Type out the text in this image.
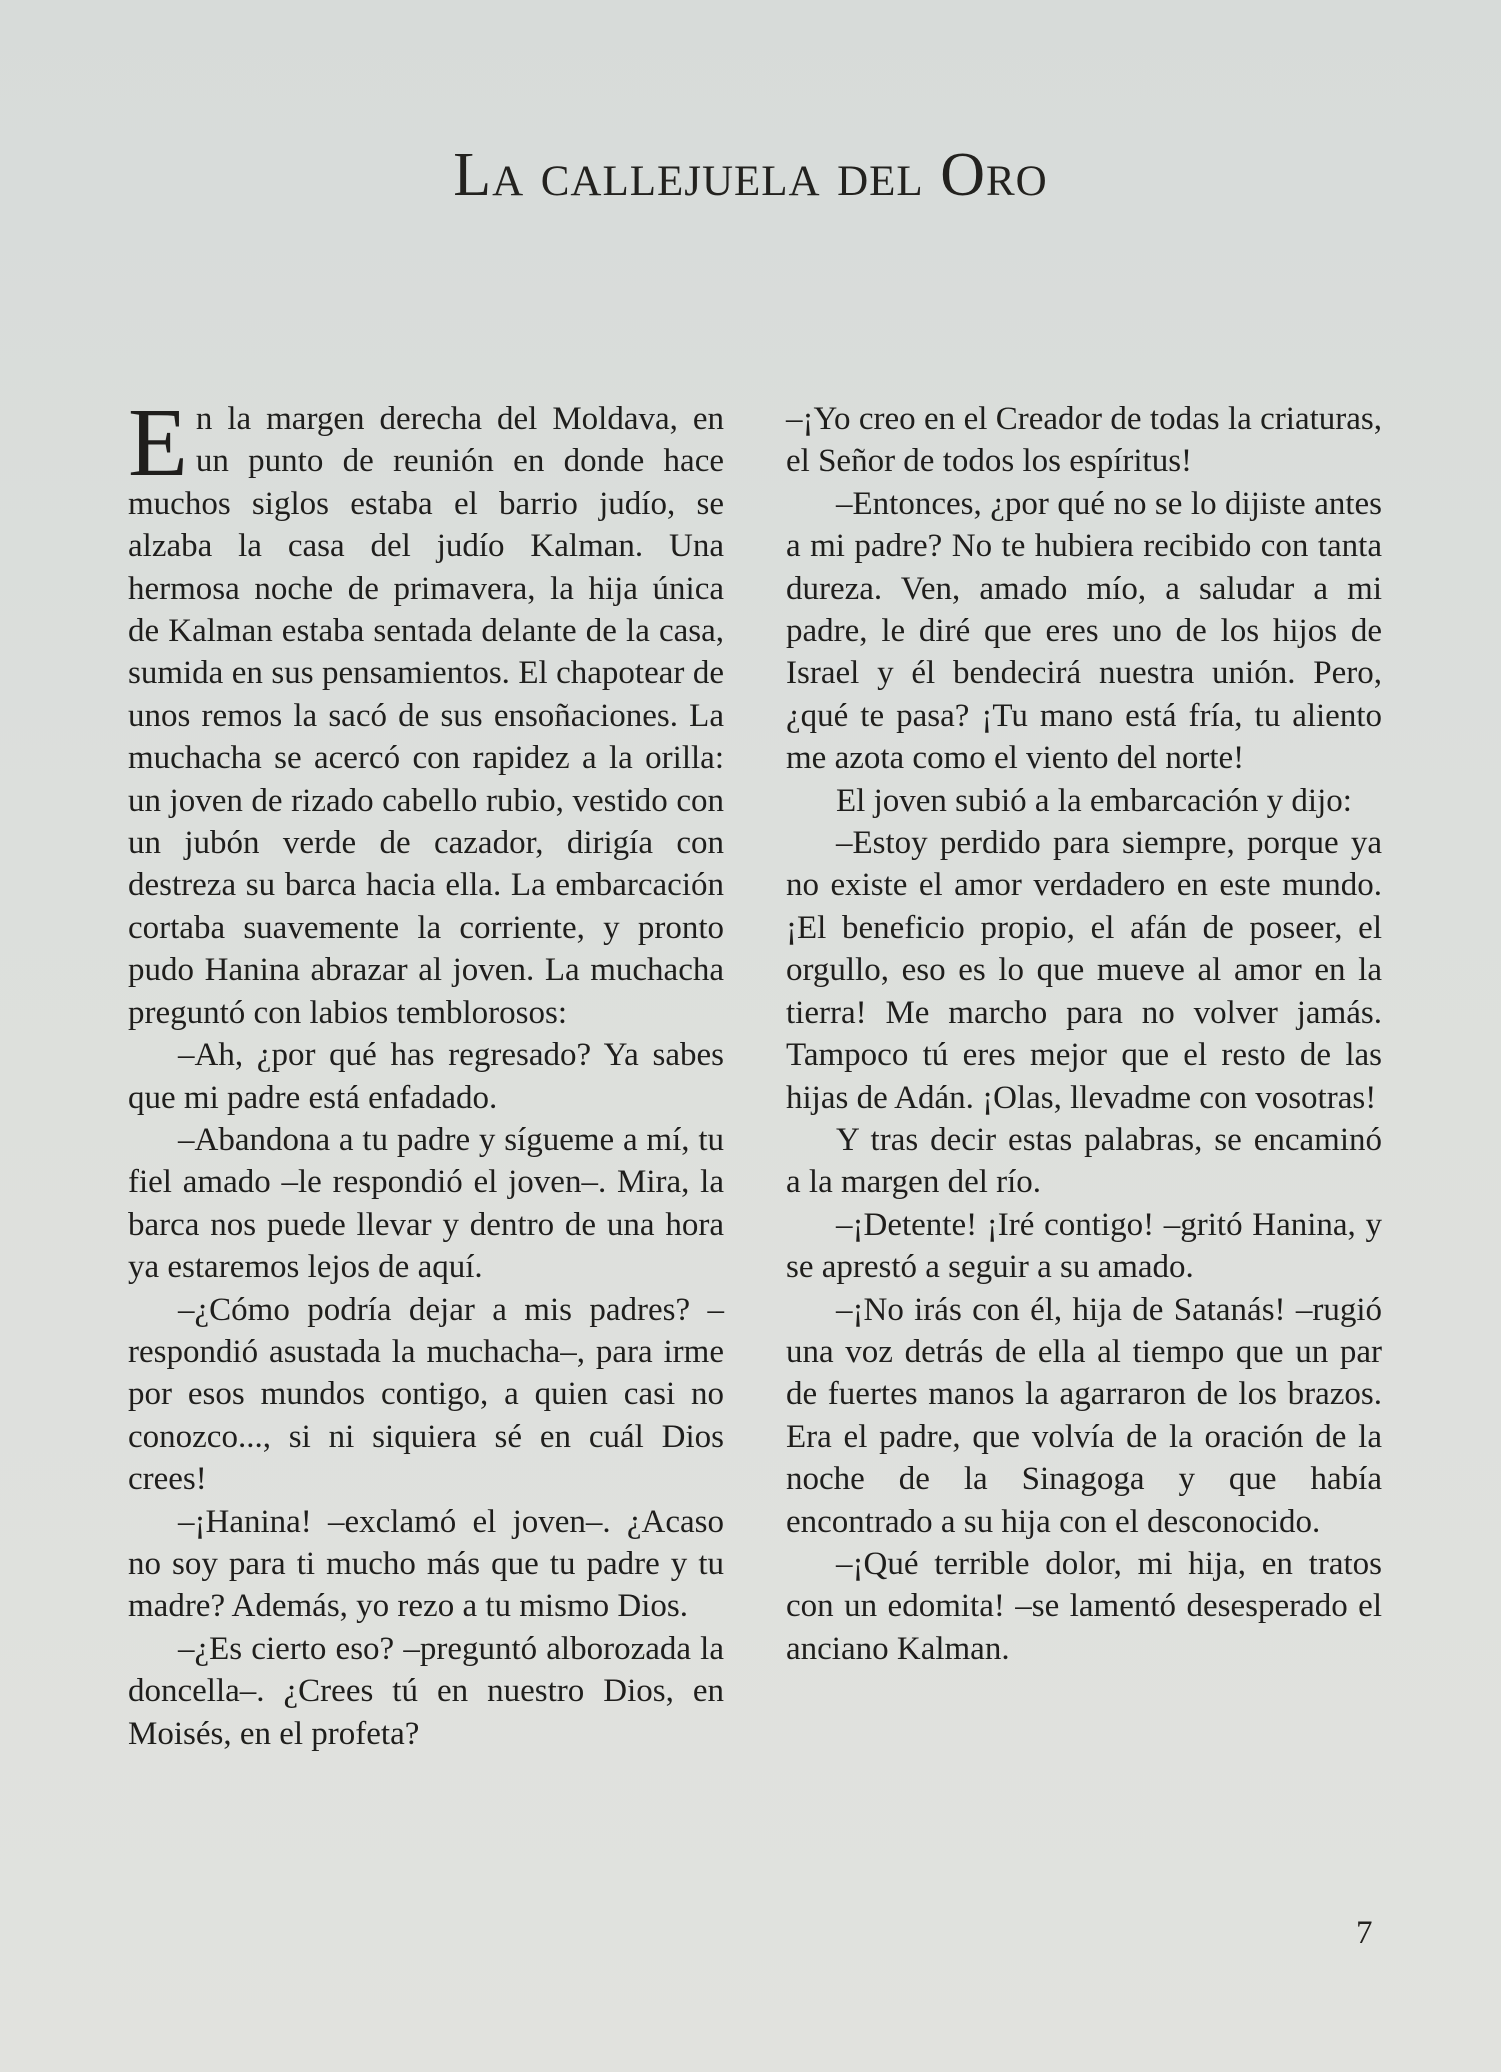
La callejuela del Oro

En la margen derecha del Moldava, en un punto de reunión en donde hace muchos siglos estaba el barrio judío, se alzaba la casa del judío Kalman. Una hermosa noche de primavera, la hija única de Kalman estaba sentada delante de la casa, sumida en sus pensamientos. El chapotear de unos remos la sacó de sus ensoñaciones. La muchacha se acercó con rapidez a la orilla: un joven de rizado cabello rubio, vestido con un jubón verde de cazador, dirigía con destreza su barca hacia ella. La embarcación cortaba suavemente la corriente, y pronto pudo Hanina abrazar al joven. La muchacha preguntó con labios temblorosos:

–Ah, ¿por qué has regresado? Ya sabes que mi padre está enfadado.

–Abandona a tu padre y sígueme a mí, tu fiel amado –le respondió el joven–. Mira, la barca nos puede llevar y dentro de una hora ya estaremos lejos de aquí.

–¿Cómo podría dejar a mis padres? –respondió asustada la muchacha–, para irme por esos mundos contigo, a quien casi no conozco..., si ni siquiera sé en cuál Dios crees!

–¡Hanina! –exclamó el joven–. ¿Acaso no soy para ti mucho más que tu padre y tu madre? Además, yo rezo a tu mismo Dios.

–¿Es cierto eso? –preguntó alborozada la doncella–. ¿Crees tú en nuestro Dios, en Moisés, en el profeta?

–¡Yo creo en el Creador de todas la criaturas, el Señor de todos los espíritus!

–Entonces, ¿por qué no se lo dijiste antes a mi padre? No te hubiera recibido con tanta dureza. Ven, amado mío, a saludar a mi padre, le diré que eres uno de los hijos de Israel y él bendecirá nuestra unión. Pero, ¿qué te pasa? ¡Tu mano está fría, tu aliento me azota como el viento del norte!

El joven subió a la embarcación y dijo:

–Estoy perdido para siempre, porque ya no existe el amor verdadero en este mundo. ¡El beneficio propio, el afán de poseer, el orgullo, eso es lo que mueve al amor en la tierra! Me marcho para no volver jamás. Tampoco tú eres mejor que el resto de las hijas de Adán. ¡Olas, llevadme con vosotras!

Y tras decir estas palabras, se encaminó a la margen del río.

–¡Detente! ¡Iré contigo! –gritó Hanina, y se aprestó a seguir a su amado.

–¡No irás con él, hija de Satanás! –rugió una voz detrás de ella al tiempo que un par de fuertes manos la agarraron de los brazos. Era el padre, que volvía de la oración de la noche de la Sinagoga y que había encontrado a su hija con el desconocido.

–¡Qué terrible dolor, mi hija, en tratos con un edomita! –se lamentó desesperado el anciano Kalman.

7
